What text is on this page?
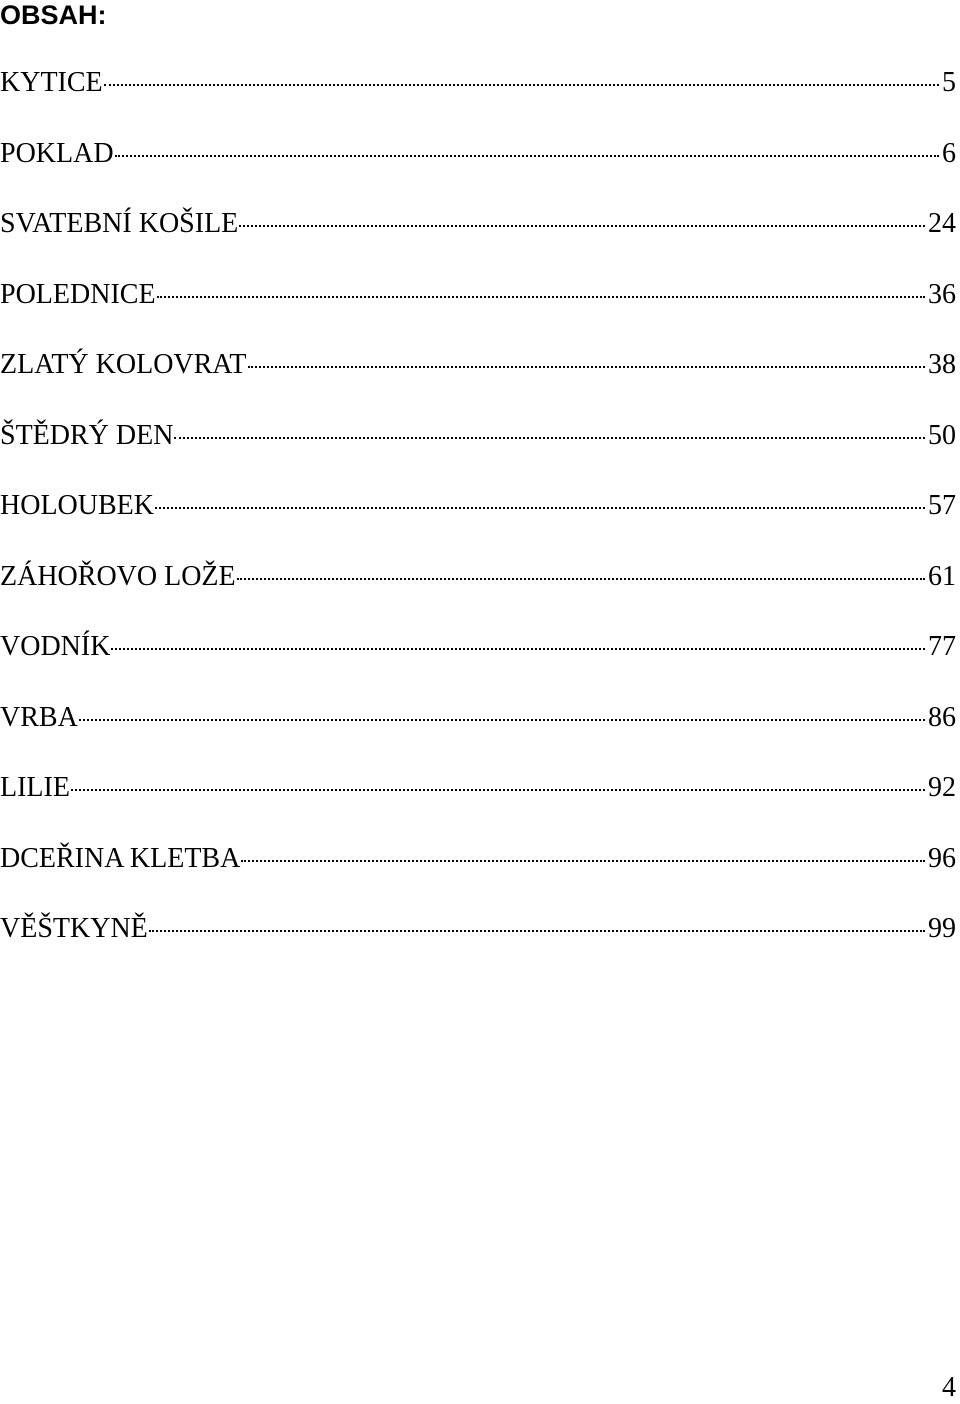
OBSAH:
KYTICE	5
POKLAD	6
SVATEBNÍ KOŠILE	24
POLEDNICE	36
ZLATÝ KOLOVRAT	38
ŠTĚDRÝ DEN	50
HOLOUBEK	57
ZÁHOŘOVO LOŽE	61
VODNÍK	77
VRBA	86
LILIE	92
DCEŘINA KLETBA	96
VĚŠTKYNĚ	99
4
